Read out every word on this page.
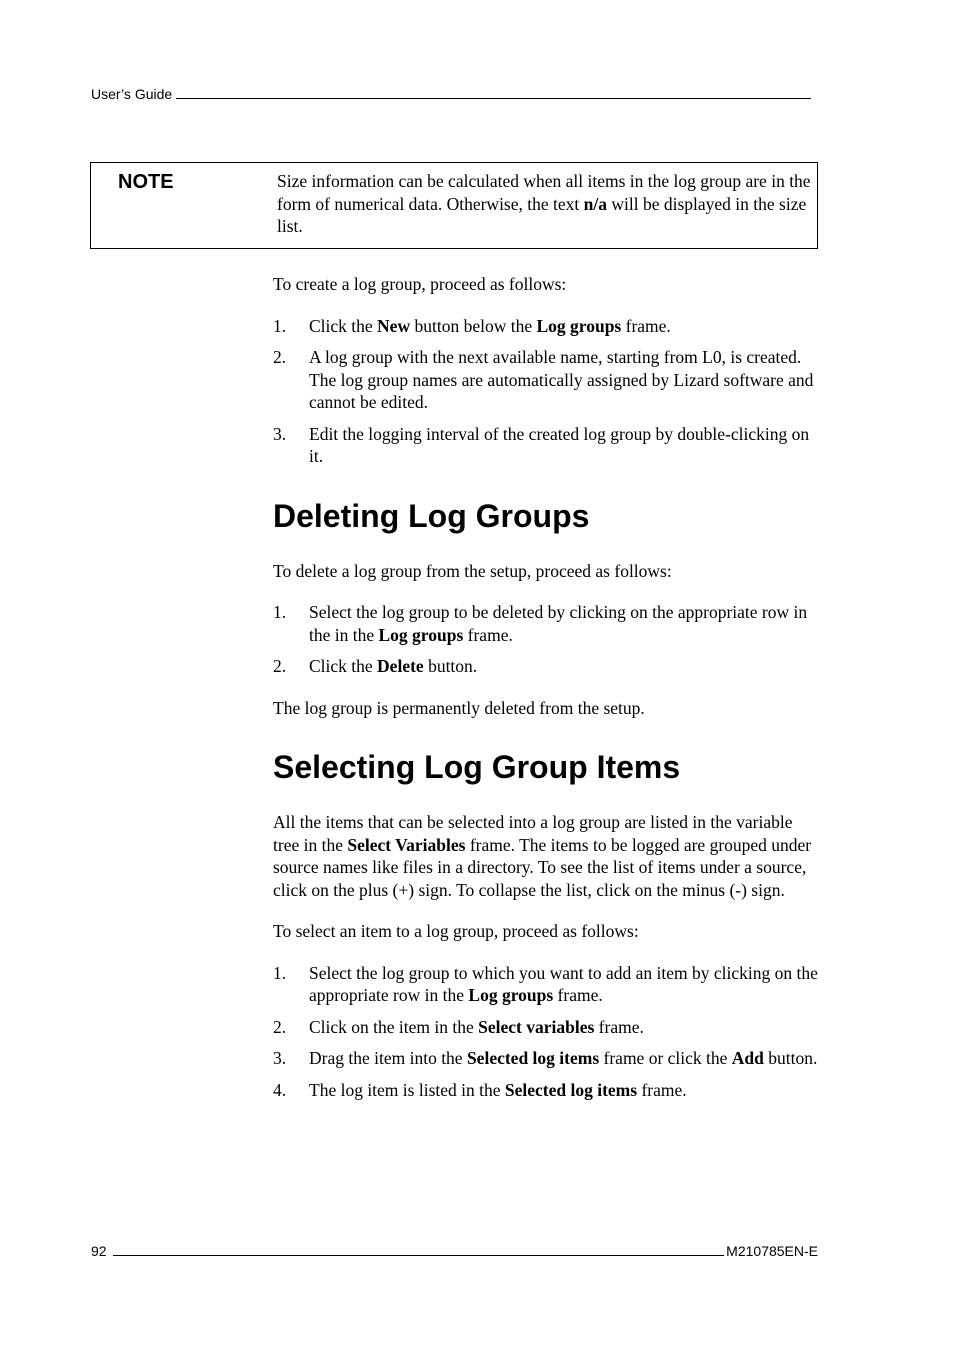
User’s Guide
NOTE	Size information can be calculated when all items in the log group are in the form of numerical data. Otherwise, the text n/a will be displayed in the size list.

To create a log group, proceed as follows:

1. Click the New button below the Log groups frame.
2. A log group with the next available name, starting from L0, is created. The log group names are automatically assigned by Lizard software and cannot be edited.
3. Edit the logging interval of the created log group by double-clicking on it.
Deleting Log Groups

To delete a log group from the setup, proceed as follows:

1. Select the log group to be deleted by clicking on the appropriate row in the in the Log groups frame.
2. Click the Delete button.

The log group is permanently deleted from the setup.

Selecting Log Group Items

All the items that can be selected into a log group are listed in the variable tree in the Select Variables frame. The items to be logged are grouped under source names like files in a directory. To see the list of items under a source, click on the plus (+) sign. To collapse the list, click on the minus (-) sign.

To select an item to a log group, proceed as follows:

1. Select the log group to which you want to add an item by clicking on the appropriate row in the Log groups frame.
2. Click on the item in the Select variables frame.
3. Drag the item into the Selected log items frame or click the Add button.
4. The log item is listed in the Selected log items frame.
92	M210785EN-E
